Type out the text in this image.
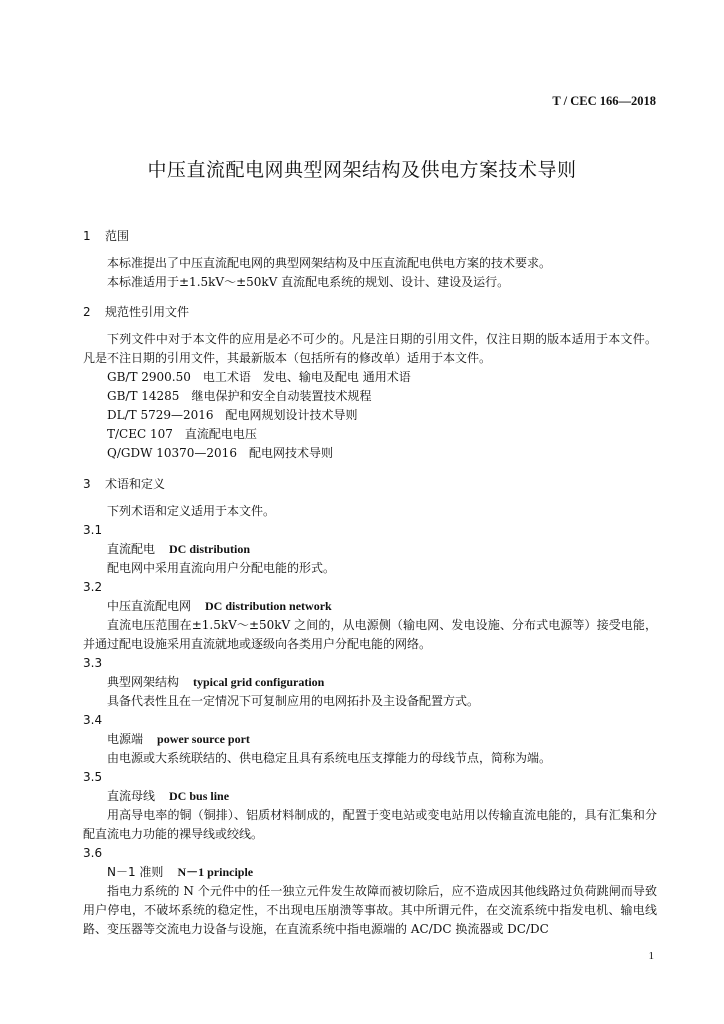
T / CEC 166—2018
中压直流配电网典型网架结构及供电方案技术导则
1 范围

本标准提出了中压直流配电网的典型网架结构及中压直流配电供电方案的技术要求。

本标准适用于±1.5kV～±50kV 直流配电系统的规划、设计、建设及运行。

2 规范性引用文件

下列文件中对于本文件的应用是必不可少的。凡是注日期的引用文件，仅注日期的版本适用于本文件。凡是不注日期的引用文件，其最新版本（包括所有的修改单）适用于本文件。

GB/T 2900.50　电工术语　发电、输电及配电 通用术语

GB/T 14285　继电保护和安全自动装置技术规程

DL/T 5729—2016　配电网规划设计技术导则

T/CEC 107　直流配电电压

Q/GDW 10370—2016　配电网技术导则

3 术语和定义

下列术语和定义适用于本文件。

3.1

直流配电 DC distribution

配电网中采用直流向用户分配电能的形式。

3.2

中压直流配电网 DC distribution network

直流电压范围在±1.5kV～±50kV 之间的，从电源侧（输电网、发电设施、分布式电源等）接受电能，并通过配电设施采用直流就地或逐级向各类用户分配电能的网络。

3.3

典型网架结构 typical grid configuration

具备代表性且在一定情况下可复制应用的电网拓扑及主设备配置方式。

3.4

电源端 power source port

由电源或大系统联结的、供电稳定且具有系统电压支撑能力的母线节点，简称为端。

3.5

直流母线 DC bus line

用高导电率的铜（铜排）、铝质材料制成的，配置于变电站或变电站用以传输直流电能的，具有汇集和分配直流电力功能的裸导线或绞线。

3.6

N－1 准则 N－1 principle

指电力系统的 N 个元件中的任一独立元件发生故障而被切除后，应不造成因其他线路过负荷跳闸而导致用户停电，不破坏系统的稳定性，不出现电压崩溃等事故。其中所谓元件，在交流系统中指发电机、输电线路、变压器等交流电力设备与设施，在直流系统中指电源端的 AC/DC 换流器或 DC/DC

1
